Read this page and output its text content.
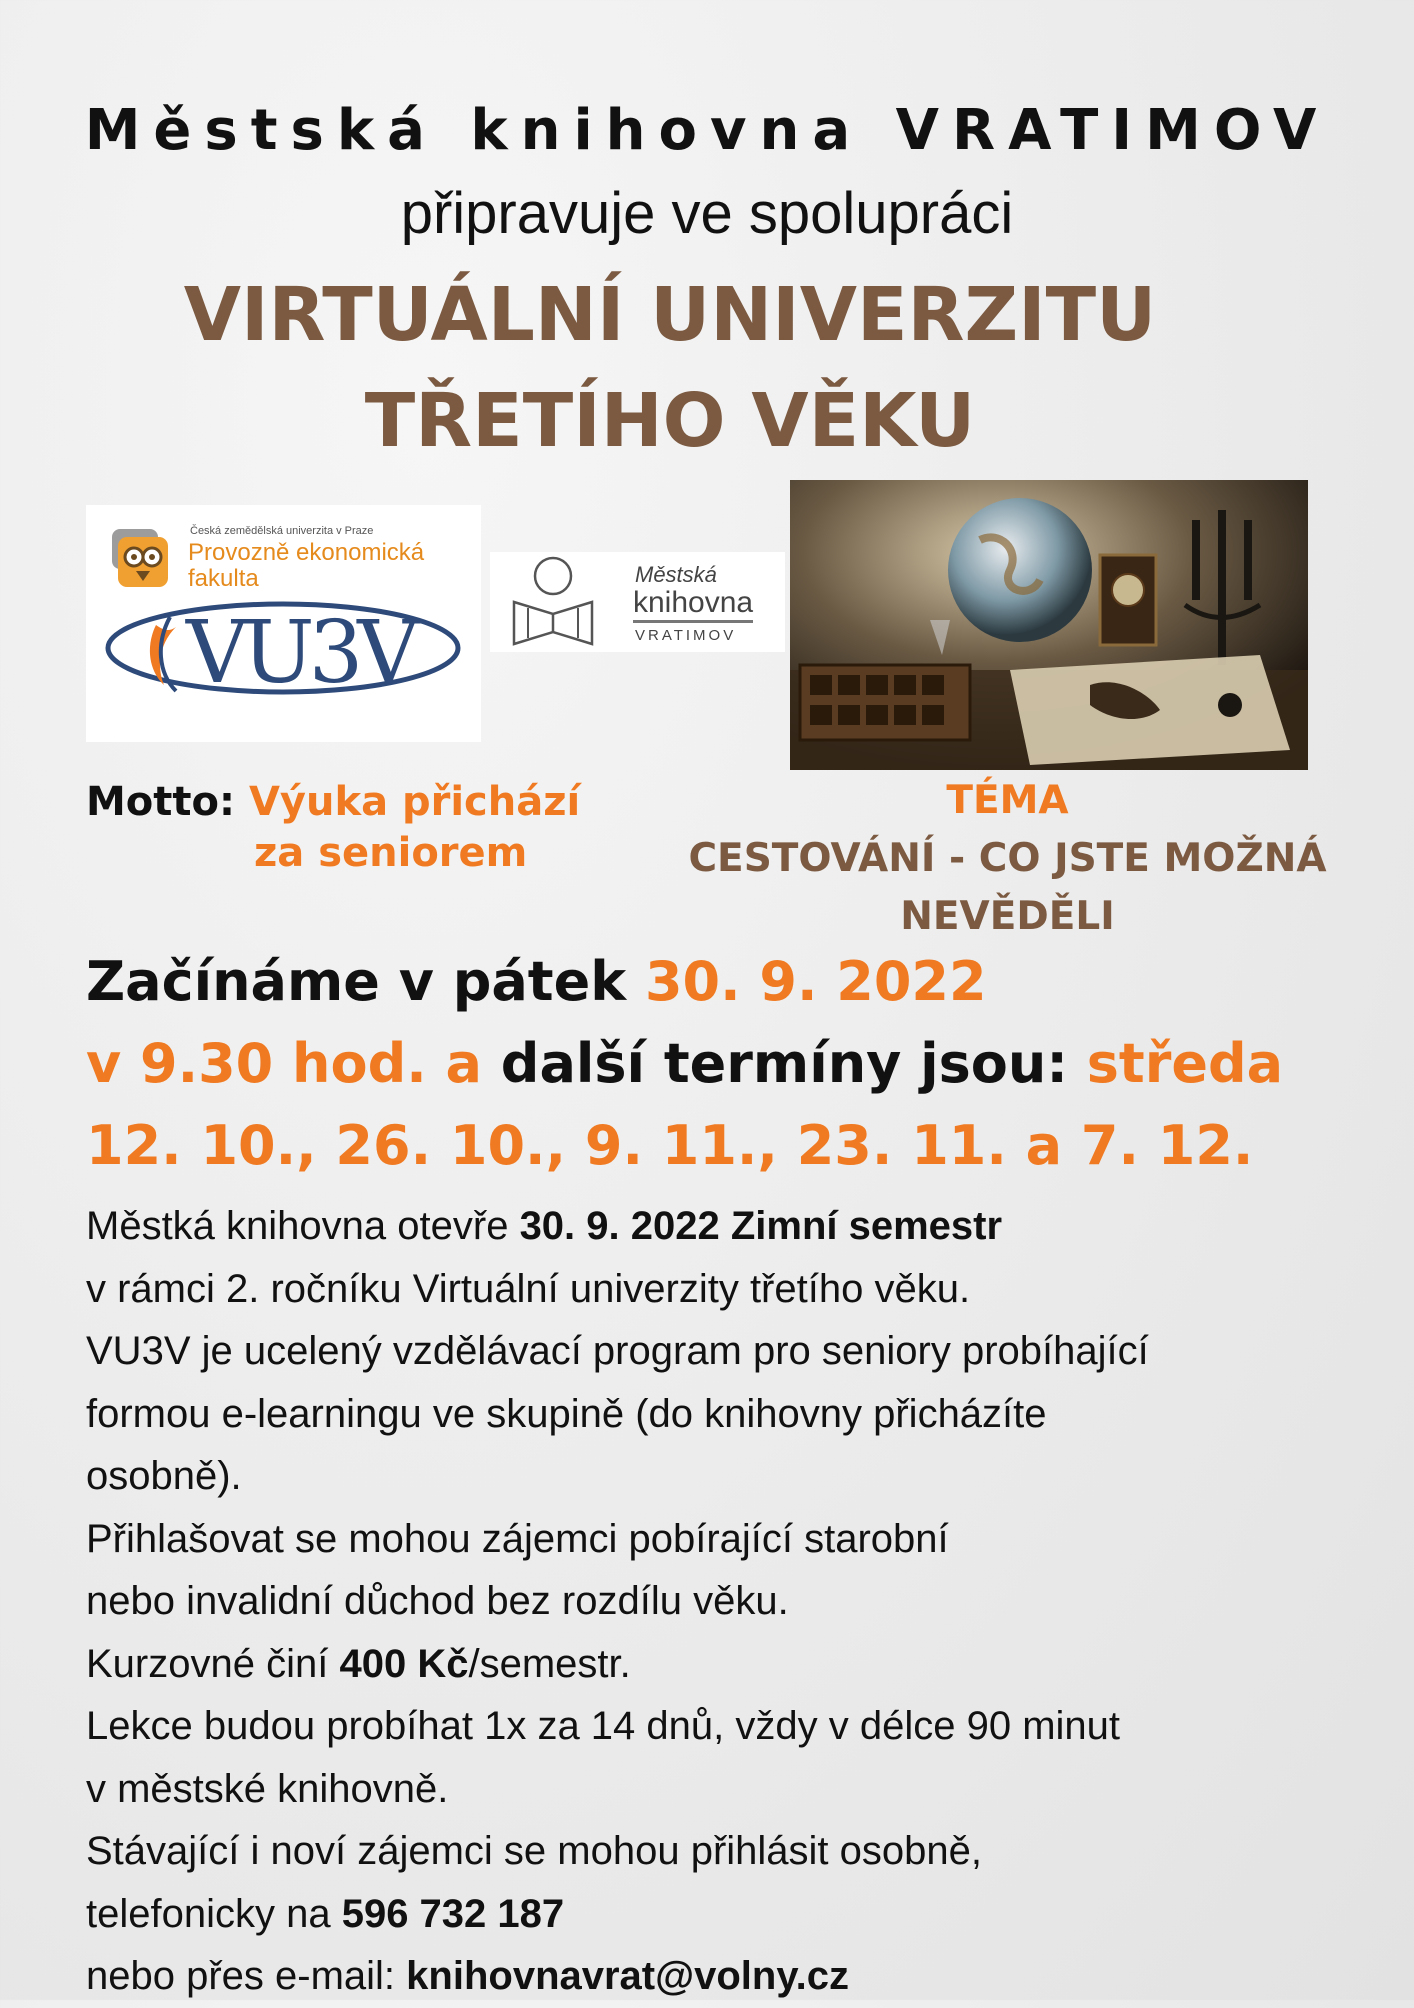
Městská knihovna VRATIMOV
připravuje ve spolupráci
VIRTUÁLNÍ UNIVERZITU
TŘETÍHO VĚKU
Česká zemědělská univerzita v Praze
Provozně ekonomická
fakulta
VU3V
Městská
knihovna
VRATIMOV
Motto: Výuka přichází
za seniorem
TÉMA
CESTOVÁNÍ - CO JSTE MOŽNÁ
NEVĚDĚLI
Začínáme v pátek 30. 9. 2022
v 9.30 hod. a další termíny jsou: středa
12. 10., 26. 10., 9. 11., 23. 11. a 7. 12.

Městká knihovna otevře 30. 9. 2022 Zimní semestr

v rámci 2. ročníku Virtuální univerzity třetího věku.

VU3V je ucelený vzdělávací program pro seniory probíhající

formou e-learningu ve skupině (do knihovny přicházíte

osobně).

Přihlašovat se mohou zájemci pobírající starobní

nebo invalidní důchod bez rozdílu věku.

Kurzovné činí 400 Kč/semestr.

Lekce budou probíhat 1x za 14 dnů, vždy v délce 90 minut

v městské knihovně.

Stávající i noví zájemci se mohou přihlásit osobně,

telefonicky na 596 732 187

nebo přes e-mail: knihovnavrat@volny.cz
